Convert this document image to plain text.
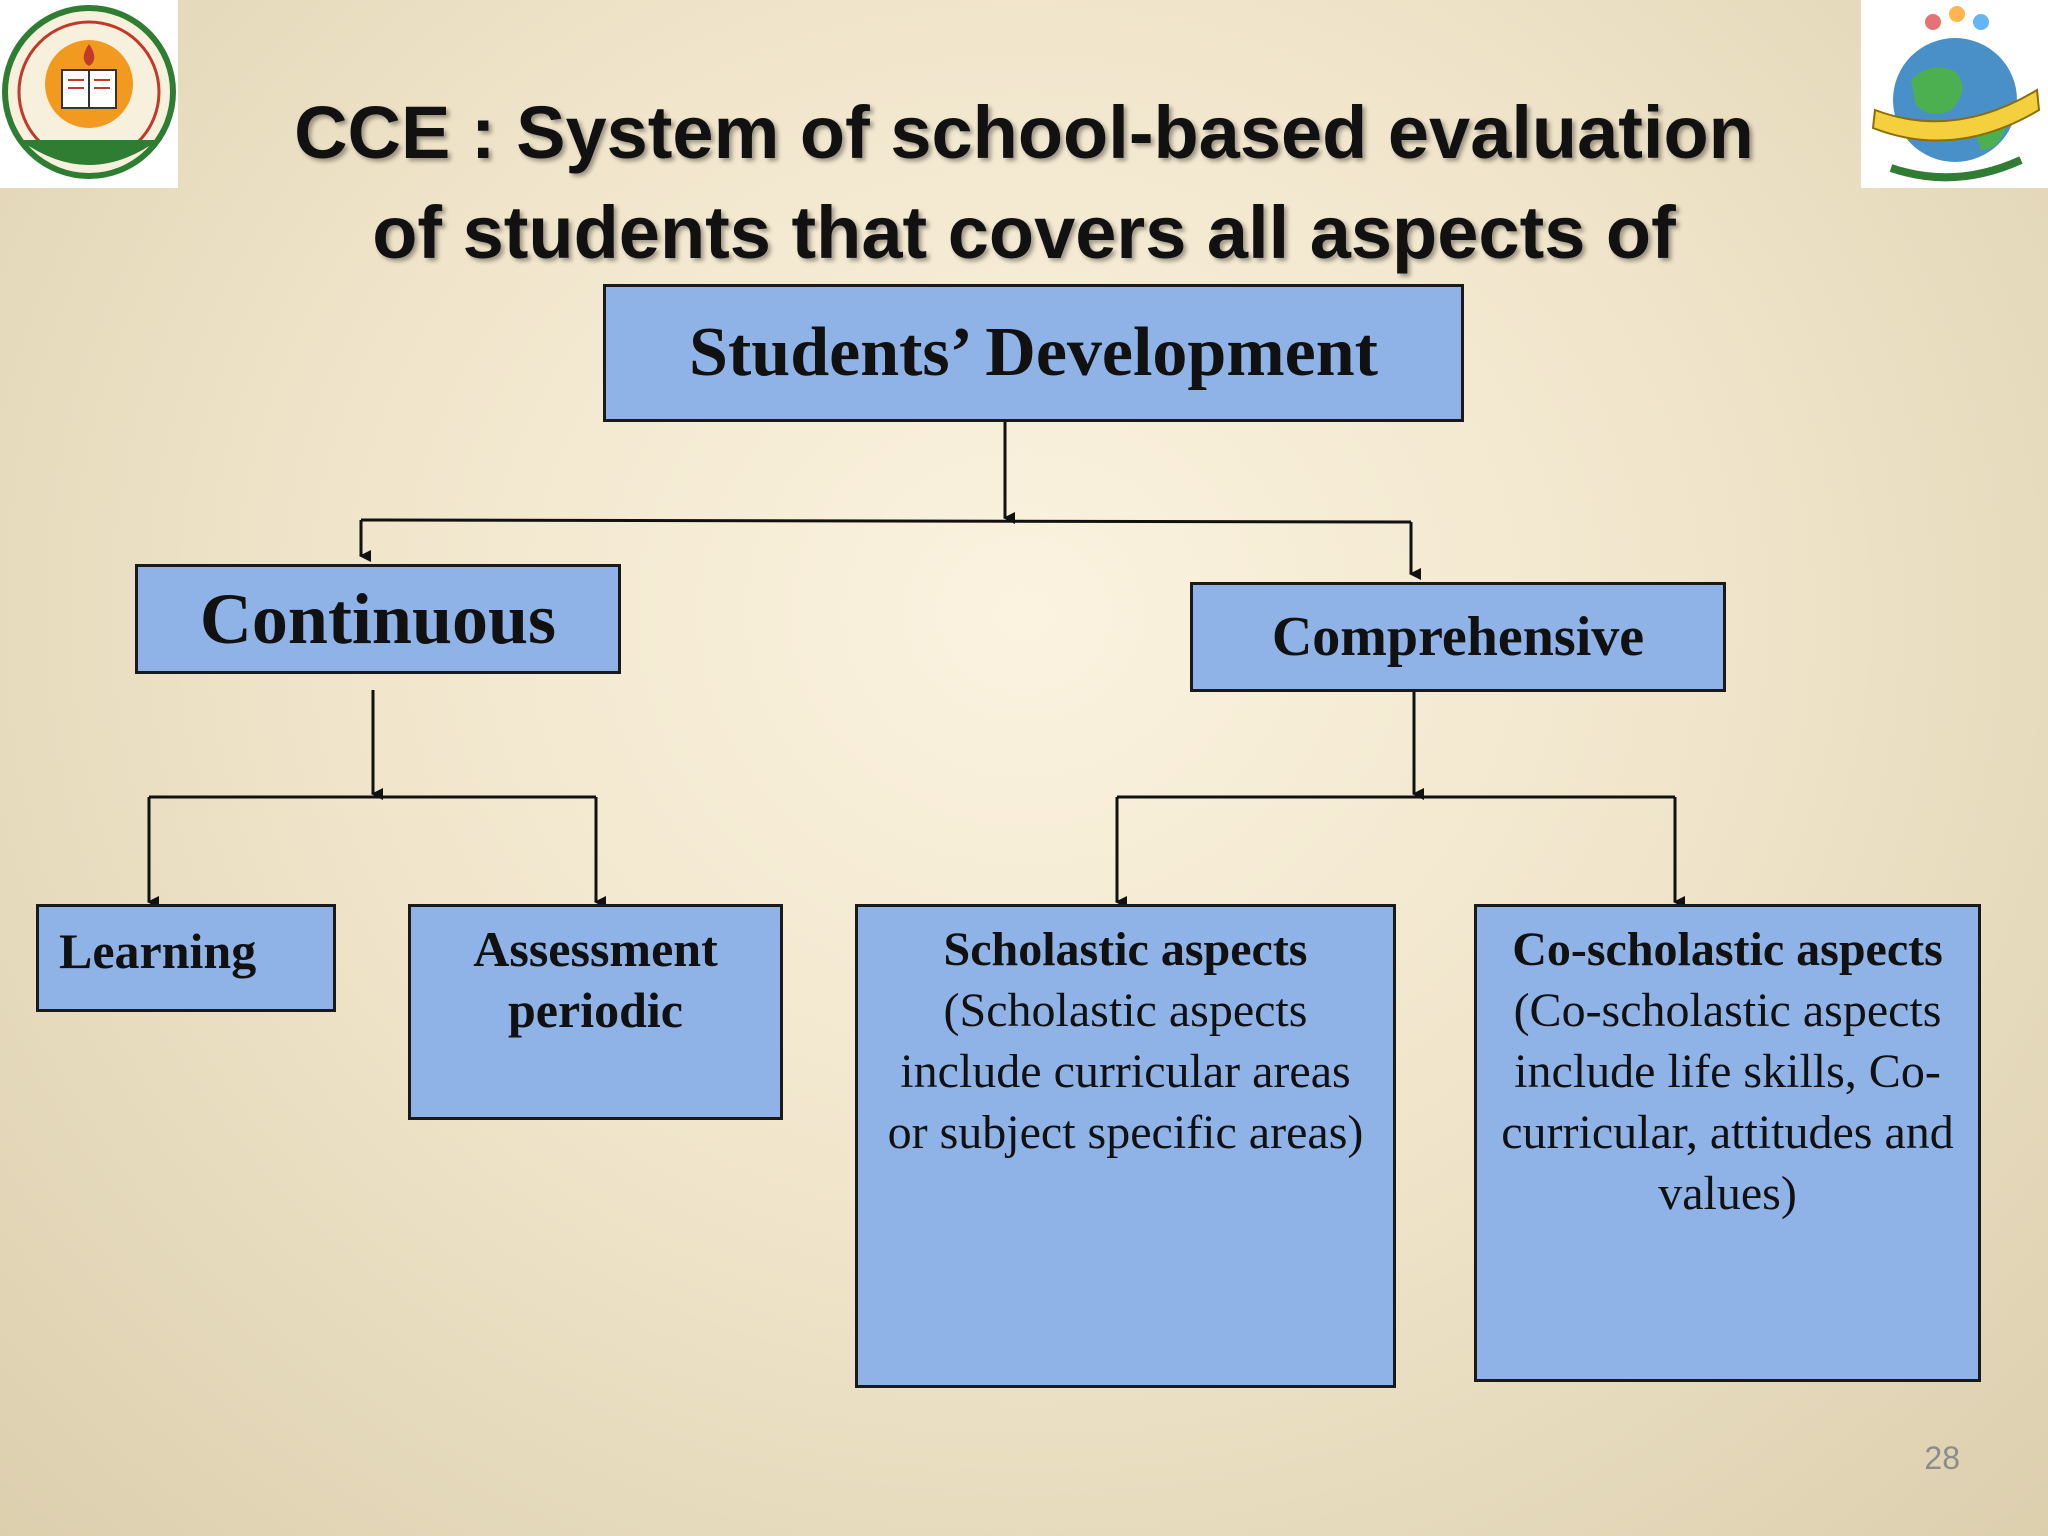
CCE : System of school-based evaluation
of students that covers all aspects of
Students’ Development
Continuous	Comprehensive
Learning	Assessment
periodic
Scholastic aspects
(Scholastic aspects include curricular areas or subject specific areas)
Co-scholastic aspects
(Co-scholastic aspects include life skills, Co-curricular, attitudes and values)
28
